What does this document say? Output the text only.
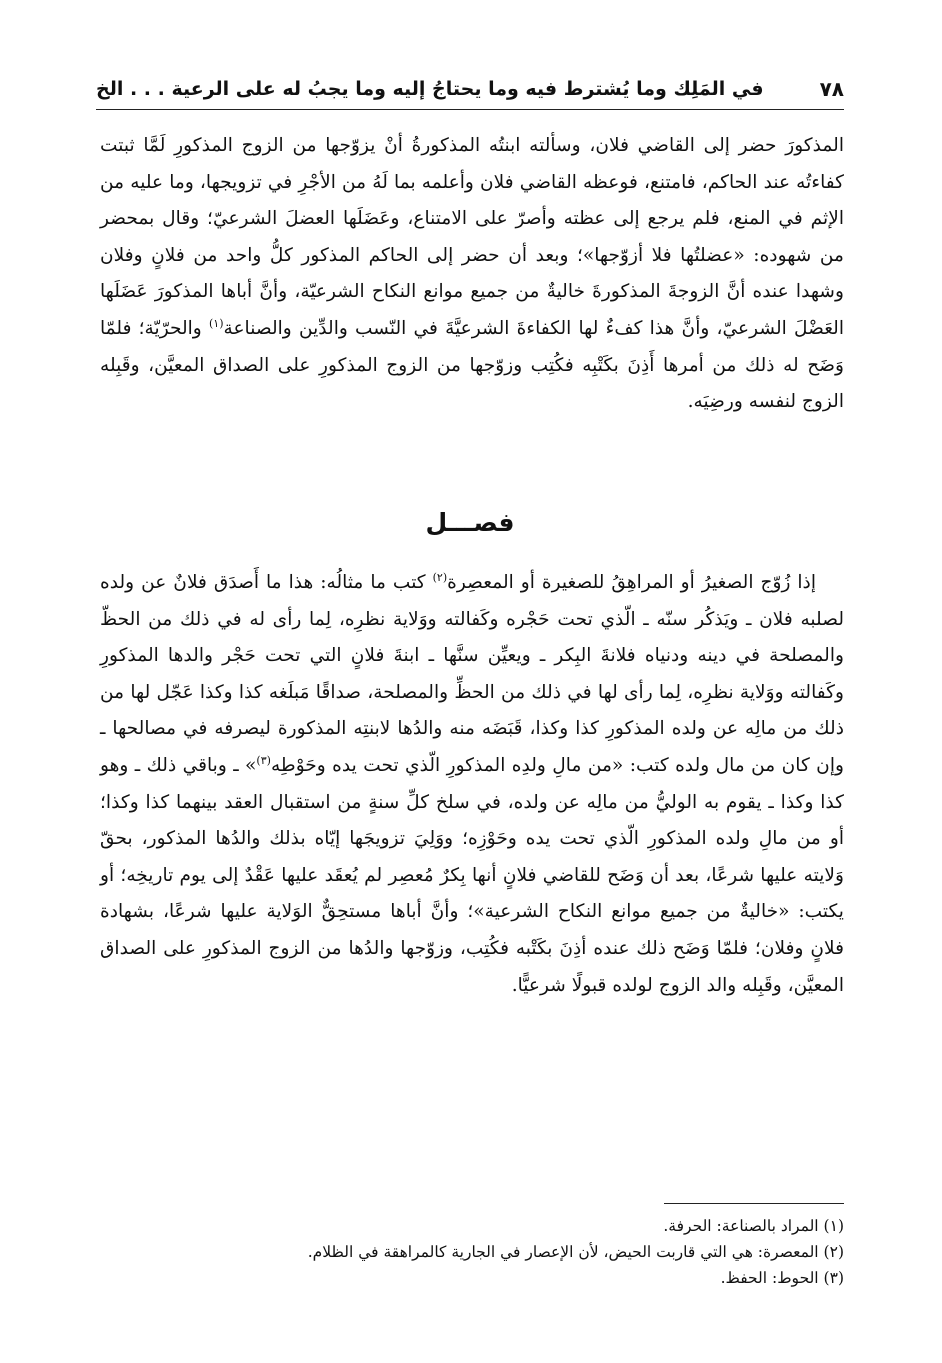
٧٨
في المَلِك وما يُشترط فيه وما يحتاجُ إليه وما يجبُ له على الرعية . . . الخ

المذكورَ حضر إلى القاضي فلان، وسألته ابنتُه المذكورةُ أنْ يزوّجها من الزوج المذكورِ لَمَّا ثبتت كفاءتُه عند الحاكم، فامتنع، فوعظه القاضي فلان وأعلمه بما لَهُ من الأجْرِ في تزويجها، وما عليه من الإثم في المنع، فلم يرجع إلى عظته وأصرّ على الامتناع، وعَضَلَها العضلَ الشرعيّ؛ وقال بمحضر من شهوده: «عضلتُها فلا أزوّجها»؛ وبعد أن حضر إلى الحاكم المذكور كلُّ واحد من فلانٍ وفلان وشهدا عنده أنَّ الزوجةَ المذكورةَ خاليةٌ من جميع موانع النكاح الشرعيّة، وأنَّ أباها المذكورَ عَضَلَها العَضْلَ الشرعيّ، وأنَّ هذا كفءٌ لها الكفاءةَ الشرعيَّةَ في النّسب والدِّين والصناعة$^{(١)}$ والحرّيّة؛ فلمّا وَضَح له ذلك من أمرها أَذِنَ بكَتْبِه فكُتِب وزوّجها من الزوج المذكورِ على الصداق المعيَّن، وقَبِله الزوج لنفسه ورضِيَه.

فصـــل

إذا زُوّج الصغيرُ أو المراهِقُ للصغيرة أو المعصِرة$^{(٢)}$ كتب ما مثالُه: هذا ما أَصدَق فلانٌ عن ولده لصلبه فلان ـ ويَذكُر سنّه ـ الّذي تحت حَجْره وكَفالته ووَلاية نظرِه، لِما رأى له في ذلك من الحظّ والمصلحة في دينه ودنياه فلانةَ البِكر ـ ويعيِّن سنَّها ـ ابنةَ فلانٍ التي تحت حَجْر والدها المذكورِ وكَفالته ووَلاية نظرِه، لِما رأى لها في ذلك من الحظِّ والمصلحة، صداقًا مَبلَغه كذا وكذا عَجّل لها من ذلك من مالِه عن ولده المذكورِ كذا وكذا، قَبَضَه منه والدُها لابنتِه المذكورة ليصرفه في مصالحها ـ وإن كان من مال ولده كتب: «من مالِ ولدِه المذكورِ الّذي تحت يده وحَوْطِه$^{(٣)}$» ـ وباقي ذلك ـ وهو كذا وكذا ـ يقوم به الوليُّ من مالِه عن ولده، في سلخ كلِّ سنةٍ من استقبال العقد بينهما كذا وكذا؛ أو من مالِ ولده المذكورِ الّذي تحت يده وحَوْزِه؛ ووَلِيَ تزويجَها إيّاه بذلك والدُها المذكور، بحقّ وَلايته عليها شرعًا، بعد أن وَضَح للقاضي فلانٍ أنها بِكرٌ مُعصِر لم يُعقَد عليها عَقْدٌ إلى يوم تاريخِه؛ أو يكتب: «خاليةٌ من جميع موانع النكاح الشرعية»؛ وأنَّ أباها مستحِقٌّ الوَلاية عليها شرعًا، بشهادة فلانٍ وفلان؛ فلمّا وَضَح ذلك عنده أذِنَ بكَتْبه فكُتِب، وزوّجها والدُها من الزوج المذكورِ على الصداق المعيَّن، وقَبِله والد الزوج لولده قبولًا شرعيًّا.

(١) المراد بالصناعة: الحرفة.
(٢) المعصرة: هي التي قاربت الحيض، لأن الإعصار في الجارية كالمراهقة في الظلام.
(٣) الحوط: الحفظ.
